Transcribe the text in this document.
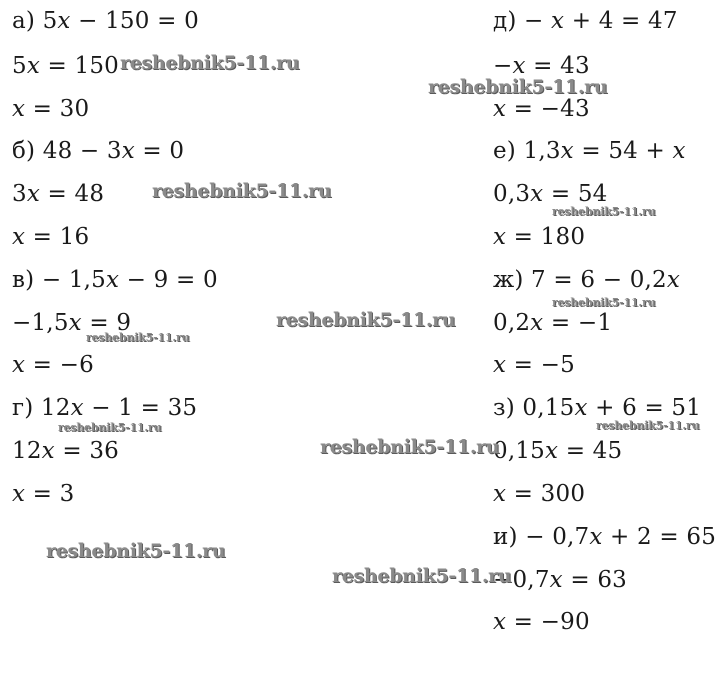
а) 5𝑥 − 150 = 0
5𝑥 = 150
𝑥 = 30
б) 48 − 3𝑥 = 0
3𝑥 = 48
𝑥 = 16
в) − 1,5𝑥 − 9 = 0
−1,5𝑥 = 9
𝑥 = −6
г) 12𝑥 − 1 = 35
12𝑥 = 36
𝑥 = 3
д) − 𝑥 + 4 = 47
−𝑥 = 43
𝑥 = −43
е) 1,3𝑥 = 54 + 𝑥
0,3𝑥 = 54
𝑥 = 180
ж) 7 = 6 − 0,2𝑥
0,2𝑥 = −1
𝑥 = −5
з) 0,15𝑥 + 6 = 51
0,15𝑥 = 45
𝑥 = 300
и) − 0,7𝑥 + 2 = 65
−0,7𝑥 = 63
𝑥 = −90
reshebnik5-11.ru
reshebnik5-11.ru
reshebnik5-11.ru
reshebnik5-11.ru
reshebnik5-11.ru
reshebnik5-11.ru
reshebnik5-11.ru
reshebnik5-11.ru	reshebnik5-11.ru
reshebnik5-11.ru
reshebnik5-11.ru
reshebnik5-11.ru
